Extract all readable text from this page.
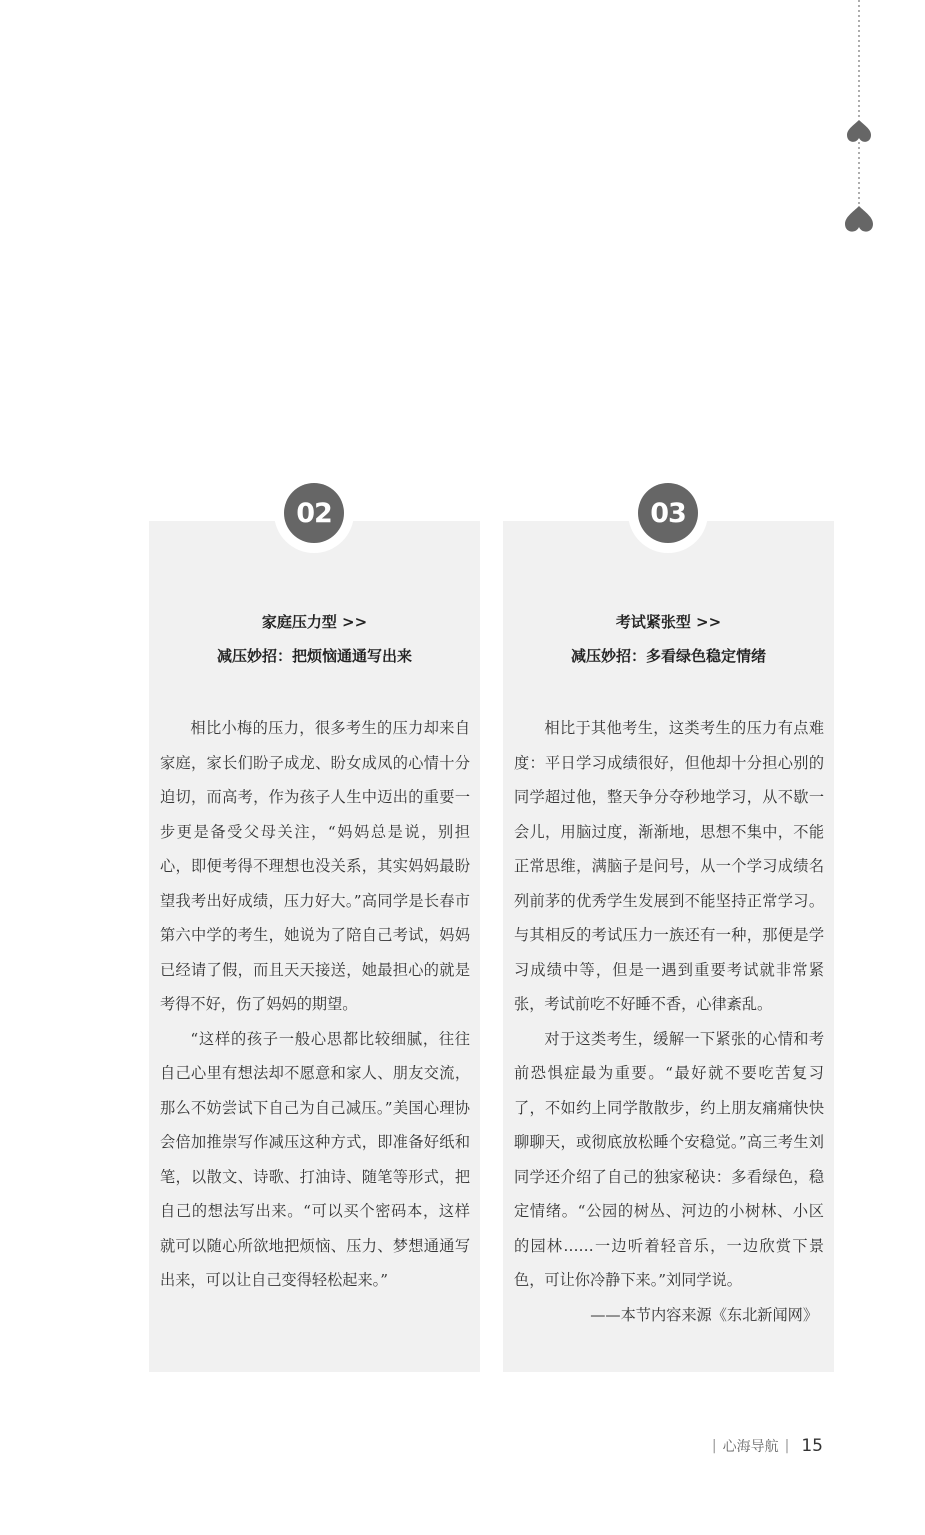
02
家庭压力型 >>
减压妙招：把烦恼通通写出来

相比小梅的压力，很多考生的压力却来自家庭，家长们盼子成龙、盼女成凤的心情十分迫切，而高考，作为孩子人生中迈出的重要一步更是备受父母关注，“妈妈总是说，别担心，即便考得不理想也没关系，其实妈妈最盼望我考出好成绩，压力好大。”高同学是长春市第六中学的考生，她说为了陪自己考试，妈妈已经请了假，而且天天接送，她最担心的就是考得不好，伤了妈妈的期望。

“这样的孩子一般心思都比较细腻，往往自己心里有想法却不愿意和家人、朋友交流，那么不妨尝试下自己为自己减压。”美国心理协会倍加推崇写作减压这种方式，即准备好纸和笔，以散文、诗歌、打油诗、随笔等形式，把自己的想法写出来。“可以买个密码本，这样就可以随心所欲地把烦恼、压力、梦想通通写出来，可以让自己变得轻松起来。”

03
考试紧张型 >>
减压妙招：多看绿色稳定情绪

相比于其他考生，这类考生的压力有点难度：平日学习成绩很好，但他却十分担心别的同学超过他，整天争分夺秒地学习，从不歇一会儿，用脑过度，渐渐地，思想不集中，不能正常思维，满脑子是问号，从一个学习成绩名列前茅的优秀学生发展到不能坚持正常学习。与其相反的考试压力一族还有一种，那便是学习成绩中等，但是一遇到重要考试就非常紧张，考试前吃不好睡不香，心律紊乱。

对于这类考生，缓解一下紧张的心情和考前恐惧症最为重要。“最好就不要吃苦复习了，不如约上同学散散步，约上朋友痛痛快快聊聊天，或彻底放松睡个安稳觉。”高三考生刘同学还介绍了自己的独家秘诀：多看绿色，稳定情绪。“公园的树丛、河边的小树林、小区的园林……一边听着轻音乐，一边欣赏下景色，可让你冷静下来。”刘同学说。

——本节内容来源《东北新闻网》
| 心海导航 | 15
